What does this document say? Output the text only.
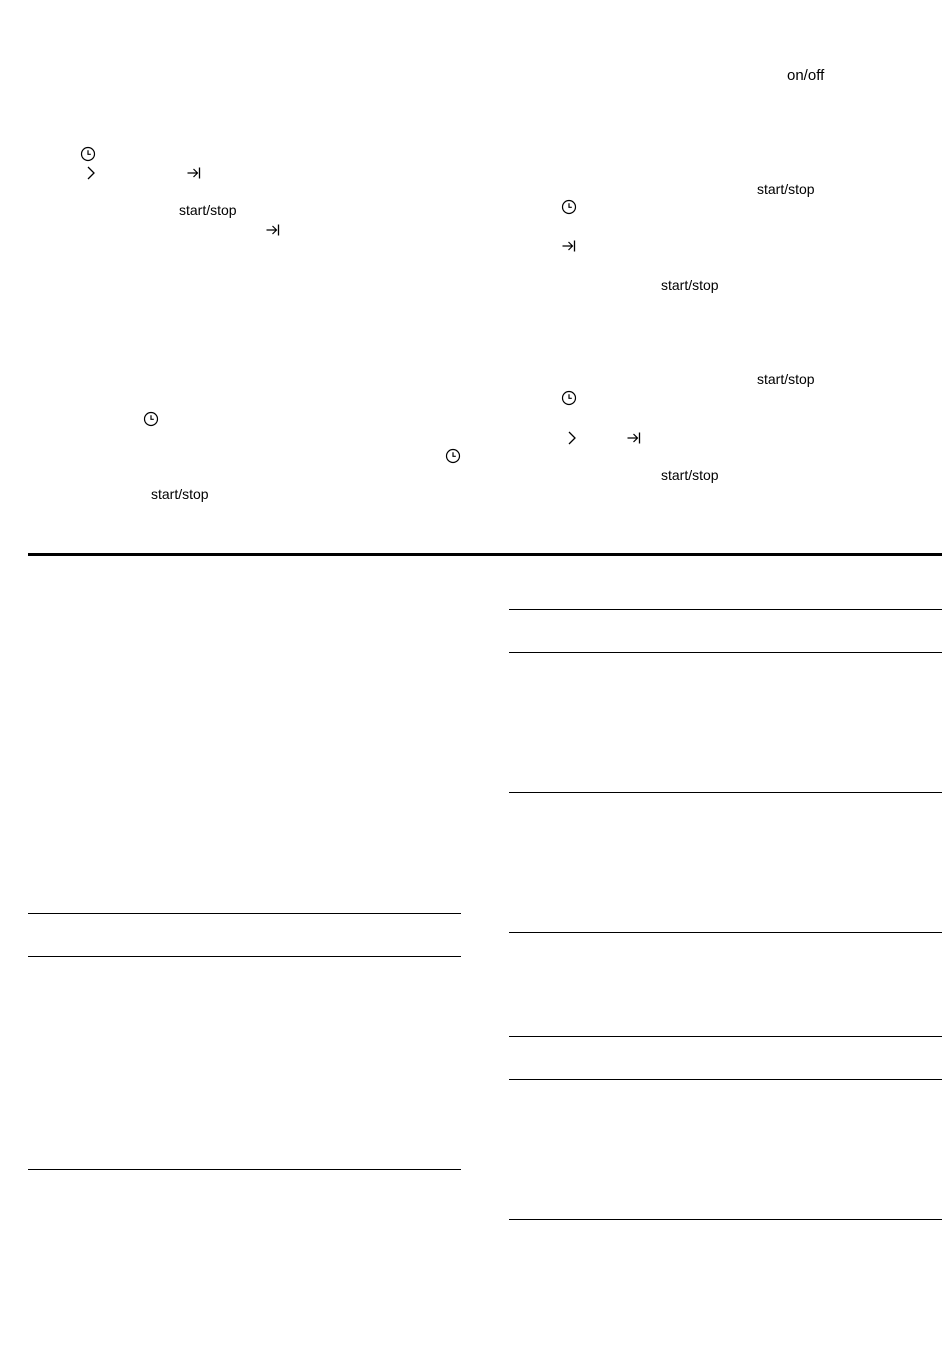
start/stop
start/stop
on/off
start/stop
start/stop
start/stop
start/stop
